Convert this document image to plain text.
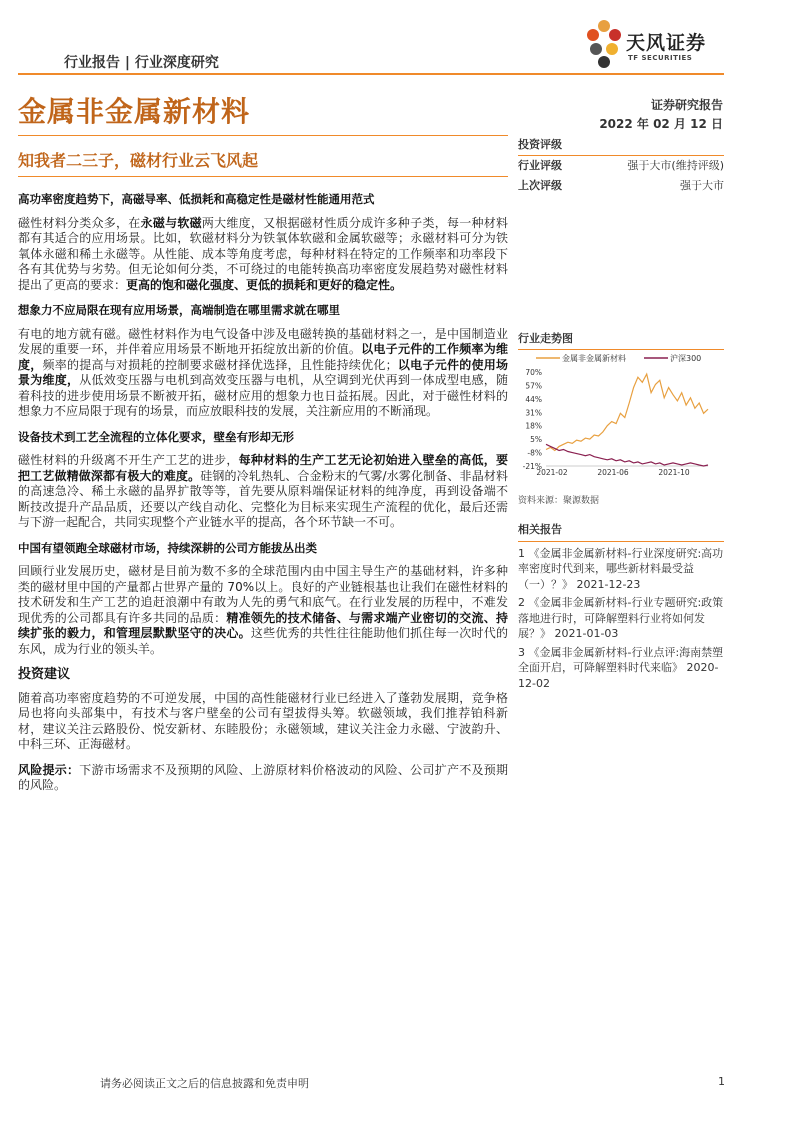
行业报告 | 行业深度研究
天风证券
TF SECURITIES
金属非金属新材料	证券研究报告
2022 年 02 月 12 日
知我者二三子，磁材行业云飞风起
高功率密度趋势下，高磁导率、低损耗和高稳定性是磁材性能通用范式

磁性材料分类众多，在永磁与软磁两大维度，又根据磁材性质分成许多种子类，每一种材料都有其适合的应用场景。比如，软磁材料分为铁氧体软磁和金属软磁等；永磁材料可分为铁氧体永磁和稀土永磁等。从性能、成本等角度考虑，每种材料在特定的工作频率和功率段下各有其优势与劣势。但无论如何分类，不可绕过的电能转换高功率密度发展趋势对磁性材料提出了更高的要求：更高的饱和磁化强度、更低的损耗和更好的稳定性。

想象力不应局限在现有应用场景，高端制造在哪里需求就在哪里

有电的地方就有磁。磁性材料作为电气设备中涉及电磁转换的基础材料之一，是中国制造业发展的重要一环，并伴着应用场景不断地开拓绽放出新的价值。以电子元件的工作频率为维度，频率的提高与对损耗的控制要求磁材择优选择，且性能持续优化；以电子元件的使用场景为维度，从低效变压器与电机到高效变压器与电机，从空调到光伏再到一体成型电感，随着科技的进步使用场景不断被开拓，磁材应用的想象力也日益拓展。因此，对于磁性材料的想象力不应局限于现有的场景，而应放眼科技的发展，关注新应用的不断涌现。

设备技术到工艺全流程的立体化要求，壁垒有形却无形

磁性材料的升级离不开生产工艺的进步，每种材料的生产工艺无论初始进入壁垒的高低，要把工艺做精做深都有极大的难度。硅钢的冷轧热轧、合金粉末的气雾/水雾化制备、非晶材料的高速急冷、稀土永磁的晶界扩散等等，首先要从原料端保证材料的纯净度，再到设备端不断技改提升产品品质，还要以产线自动化、完整化为目标来实现生产流程的优化，最后还需与下游一起配合，共同实现整个产业链水平的提高，各个环节缺一不可。

中国有望领跑全球磁材市场，持续深耕的公司方能拔丛出类

回顾行业发展历史，磁材是目前为数不多的全球范围内由中国主导生产的基础材料，许多种类的磁材里中国的产量都占世界产量的 70%以上。良好的产业链根基也让我们在磁性材料的技术研发和生产工艺的追赶浪潮中有敢为人先的勇气和底气。在行业发展的历程中，不难发现优秀的公司都具有许多共同的品质：精准领先的技术储备、与需求端产业密切的交流、持续扩张的毅力，和管理层默默坚守的决心。这些优秀的共性往往能助他们抓住每一次时代的东风，成为行业的领头羊。

投资建议

随着高功率密度趋势的不可逆发展，中国的高性能磁材行业已经进入了蓬勃发展期，竞争格局也将向头部集中，有技术与客户壁垒的公司有望拔得头筹。软磁领域，我们推荐铂科新材，建议关注云路股份、悦安新材、东睦股份；永磁领域，建议关注金力永磁、宁波韵升、中科三环、正海磁材。

风险提示：下游市场需求不及预期的风险、上游原材料价格波动的风险、公司扩产不及预期的风险。

投资评级
行业评级	强于大市(维持评级)
上次评级	强于大市
行业走势图
金属非金属新材料	沪深300
70%
57%
44%
31%
18%
5%
-8%
-21%
2021-02	2021-06	2021-10
资料来源：聚源数据
相关报告
1 《金属非金属新材料-行业深度研究:高功率密度时代到来，哪些新材料最受益（一）？》 2021-12-23
2 《金属非金属新材料-行业专题研究:政策落地进行时，可降解塑料行业将如何发展？》 2021-01-03
3 《金属非金属新材料-行业点评:海南禁塑全面开启，可降解塑料时代来临》 2020-12-02
请务必阅读正文之后的信息披露和免责申明	1
